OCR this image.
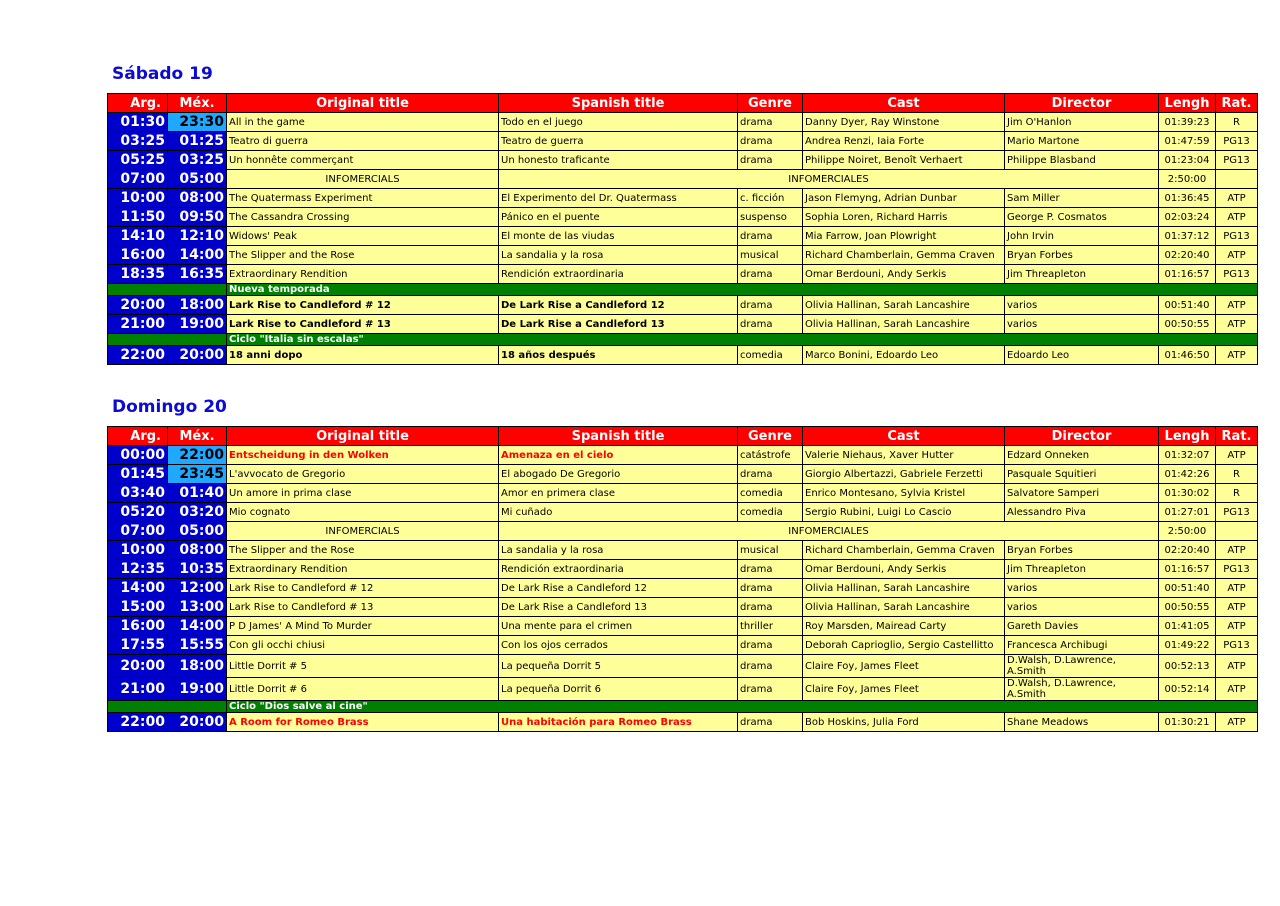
Sábado 19
Arg.	Méx.	Original title	Spanish title	Genre	Cast	Director	Lengh	Rat.
01:30	23:30	All in the game	Todo en el juego	drama	Danny Dyer, Ray Winstone	Jim O'Hanlon	01:39:23	R
03:25	01:25	Teatro di guerra	Teatro de guerra	drama	Andrea Renzi, Iaia Forte	Mario Martone	01:47:59	PG13
05:25	03:25	Un honnête commerçant	Un honesto traficante	drama	Philippe Noiret, Benoît Verhaert	Philippe Blasband	01:23:04	PG13
07:00	05:00	INFOMERCIALS	INFOMERCIALES				2:50:00	
10:00	08:00	The Quatermass Experiment	El Experimento del Dr. Quatermass	c. ficción	Jason Flemyng, Adrian Dunbar	Sam Miller	01:36:45	ATP
11:50	09:50	The Cassandra Crossing	Pánico en el puente	suspenso	Sophia Loren, Richard Harris	George P. Cosmatos	02:03:24	ATP
14:10	12:10	Widows' Peak	El monte de las viudas	drama	Mia Farrow, Joan Plowright	John Irvin	01:37:12	PG13
16:00	14:00	The Slipper and the Rose	La sandalia y la rosa	musical	Richard Chamberlain, Gemma Craven	Bryan Forbes	02:20:40	ATP
18:35	16:35	Extraordinary Rendition	Rendición extraordinaria	drama	Omar Berdouni, Andy Serkis	Jim Threapleton	01:16:57	PG13
		Nueva temporada						
20:00	18:00	Lark Rise to Candleford # 12	De Lark Rise a Candleford 12	drama	Olivia Hallinan, Sarah Lancashire	varios	00:51:40	ATP
21:00	19:00	Lark Rise to Candleford # 13	De Lark Rise a Candleford 13	drama	Olivia Hallinan, Sarah Lancashire	varios	00:50:55	ATP
		Ciclo "Italia sin escalas"						
22:00	20:00	18 anni dopo	18 años después	comedia	Marco Bonini, Edoardo Leo	Edoardo Leo	01:46:50	ATP
Domingo 20
Arg.	Méx.	Original title	Spanish title	Genre	Cast	Director	Lengh	Rat.
00:00	22:00	Entscheidung in den Wolken	Amenaza en el cielo	catástrofe	Valerie Niehaus, Xaver Hutter	Edzard Onneken	01:32:07	ATP
01:45	23:45	L'avvocato de Gregorio	El abogado De Gregorio	drama	Giorgio Albertazzi, Gabriele Ferzetti	Pasquale Squitieri	01:42:26	R
03:40	01:40	Un amore in prima clase	Amor en primera clase	comedia	Enrico Montesano, Sylvia Kristel	Salvatore Samperi	01:30:02	R
05:20	03:20	Mio cognato	Mi cuñado	comedia	Sergio Rubini, Luigi Lo Cascio	Alessandro Piva	01:27:01	PG13
07:00	05:00	INFOMERCIALS	INFOMERCIALES				2:50:00	
10:00	08:00	The Slipper and the Rose	La sandalia y la rosa	musical	Richard Chamberlain, Gemma Craven	Bryan Forbes	02:20:40	ATP
12:35	10:35	Extraordinary Rendition	Rendición extraordinaria	drama	Omar Berdouni, Andy Serkis	Jim Threapleton	01:16:57	PG13
14:00	12:00	Lark Rise to Candleford # 12	De Lark Rise a Candleford 12	drama	Olivia Hallinan, Sarah Lancashire	varios	00:51:40	ATP
15:00	13:00	Lark Rise to Candleford # 13	De Lark Rise a Candleford 13	drama	Olivia Hallinan, Sarah Lancashire	varios	00:50:55	ATP
16:00	14:00	P D James' A Mind To Murder	Una mente para el crimen	thriller	Roy Marsden, Mairead Carty	Gareth Davies	01:41:05	ATP
17:55	15:55	Con gli occhi chiusi	Con los ojos cerrados	drama	Deborah Caprioglio, Sergio Castellitto	Francesca Archibugi	01:49:22	PG13
20:00	18:00	Little Dorrit # 5	La pequeña Dorrit 5	drama	Claire Foy, James Fleet	D.Walsh, D.Lawrence, A.Smith	00:52:13	ATP
21:00	19:00	Little Dorrit # 6	La pequeña Dorrit 6	drama	Claire Foy, James Fleet	D.Walsh, D.Lawrence, A.Smith	00:52:14	ATP
		Ciclo "Dios salve al cine"						
22:00	20:00	A Room for Romeo Brass	Una habitación para Romeo Brass	drama	Bob Hoskins, Julia Ford	Shane Meadows	01:30:21	ATP
